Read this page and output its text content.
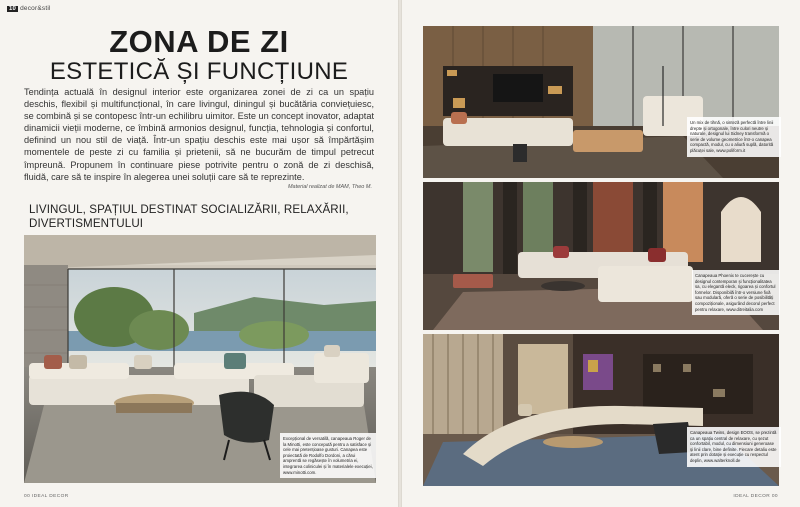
10 decor&stil
ZONA DE ZI
ESTETICĂ ȘI FUNCȚIUNE

Tendința actuală în designul interior este organizarea zonei de zi ca un spațiu deschis, flexibil și multifuncțional, în care livingul, diningul și bucătăria conviețuiesc, se combină și se contopesc într-un echilibru uimitor. Este un concept inovator, adaptat dinamicii vieții moderne, ce îmbină armonios designul, funcția, tehnologia și confortul, definind un nou stil de viață. Într-un spațiu deschis este mai ușor să împărtășim momentele de peste zi cu familia și prietenii, să ne bucurăm de timpul petrecut împreună. Propunem în continuare piese potrivite pentru o zonă de zi deschisă, fluidă, care să te inspire în alegerea unei soluții care să te reprezinte.

Material realizat de MAM, Theo M.
LIVINGUL, SPAȚIUL DESTINAT SOCIALIZĂRII, RELAXĂRII, DIVERTISMENTULUI
Excepțional de versatilă, canapeaua Roger de la Minotti, este concepută pentru a satisface și cele mai pretențioase gusturi. Canapea este proiectată de Rodolfo Dordoni, a cărui amprentă se regăsește în volumetria ei, integrarea coliniculei și în materialele execuției, www.minotti.com.
00 IDEAL DECOR
Un mix de tihnă, o sinteză perfectă între linii drepte și ortogonale, între culori neutre și naturale, designul lui Sidney transformă o serie de volume geometrice într-o canapea compactă, modul, cu o aliură suplă, datorită plăcuței sale, www.poliform.it
Canapeaua Phoenix te cucerește cu designul contemporan și funcționalitatea sa, cu elegantă eleck, rigoarea și confortul formelor. Disponibilă într-o versiune fixă sau modulară, oferă o serie de posibilități compoziționale, asigurând decorul perfect pentru relaxare, www.ditreitalia.com
Canapeaua Twins, design EOOS, se prezintă ca un spațiu central de relaxare, cu șezut confortabil, modul, cu dimensiuni generoase și linii clare, bine definite. Fiecare detaliu este atent prin dotație și execuție cu respectul deplin, www.walterknoll.de
IDEAL DECOR 00
